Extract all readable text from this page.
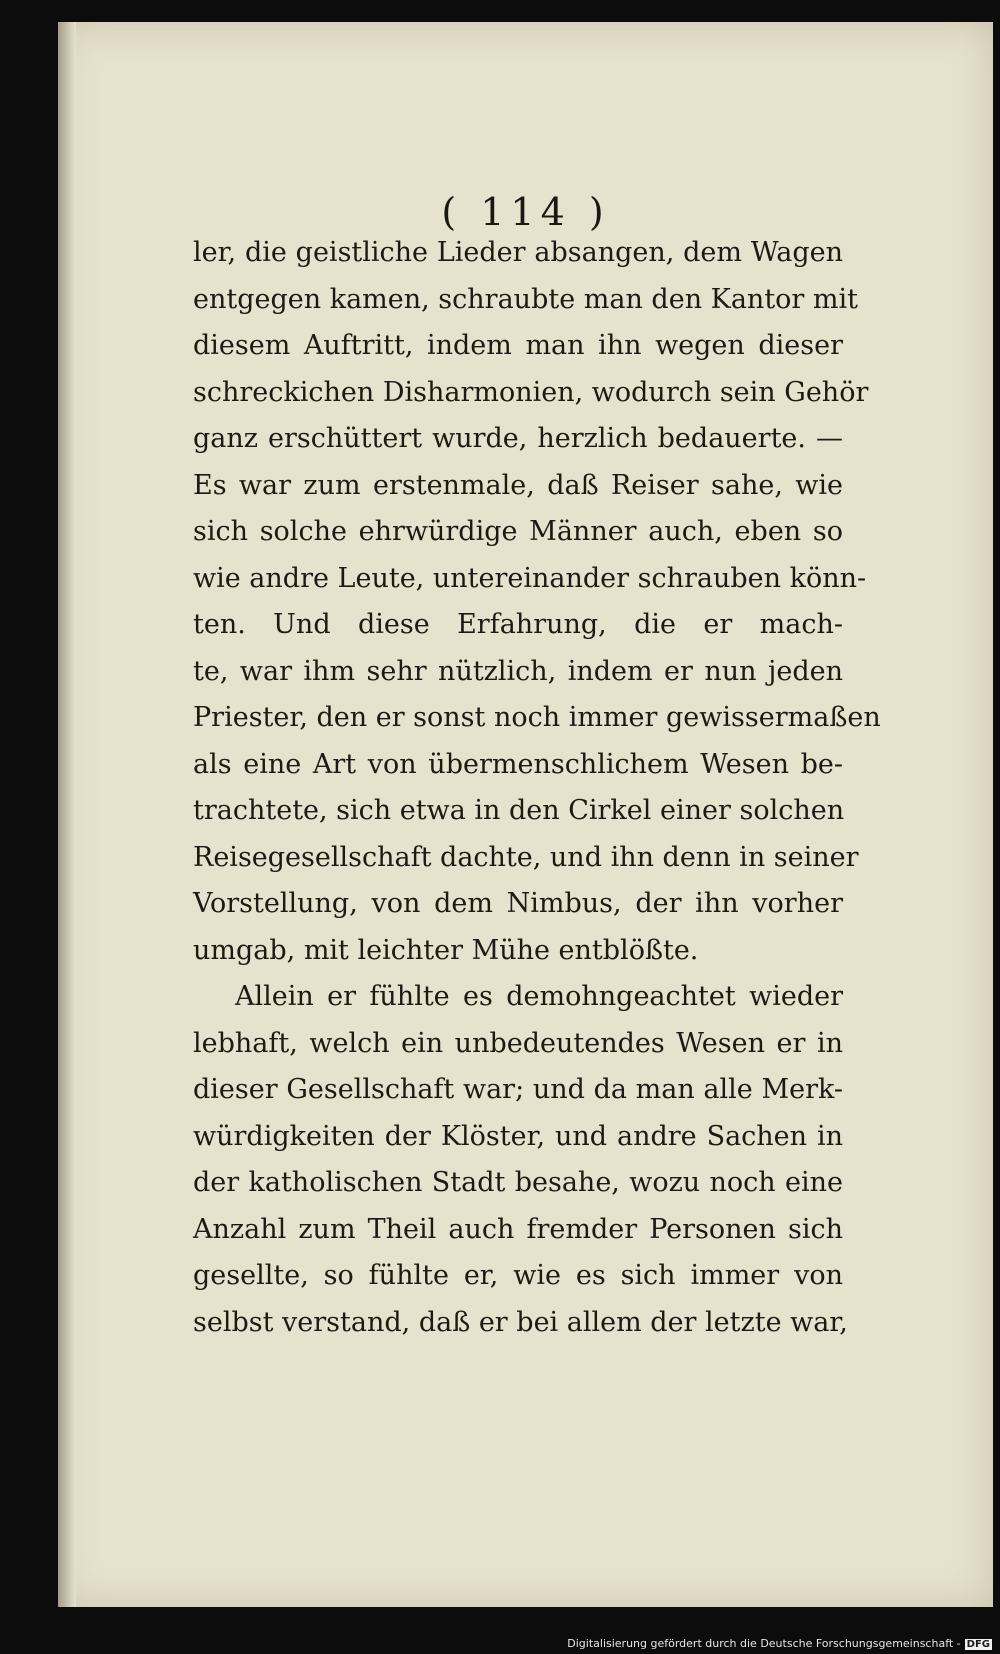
( 114 )
ler, die geistliche Lieder absangen, dem Wagen
entgegen kamen, schraubte man den Kantor mit
diesem Auftritt, indem man ihn wegen dieser
schreckichen Disharmonien, wodurch sein Gehör
ganz erschüttert wurde, herzlich bedauerte. —
Es war zum erstenmale, daß Reiser sahe, wie
sich solche ehrwürdige Männer auch, eben so
wie andre Leute, untereinander schrauben könn-
ten. Und diese Erfahrung, die er mach-
te, war ihm sehr nützlich, indem er nun jeden
Priester, den er sonst noch immer gewissermaßen
als eine Art von übermenschlichem Wesen be-
trachtete, sich etwa in den Cirkel einer solchen
Reisegesellschaft dachte, und ihn denn in seiner
Vorstellung, von dem Nimbus, der ihn vorher
umgab, mit leichter Mühe entblößte.
Allein er fühlte es demohngeachtet wieder
lebhaft, welch ein unbedeutendes Wesen er in
dieser Gesellschaft war; und da man alle Merk-
würdigkeiten der Klöster, und andre Sachen in
der katholischen Stadt besahe, wozu noch eine
Anzahl zum Theil auch fremder Personen sich
gesellte, so fühlte er, wie es sich immer von
selbst verstand, daß er bei allem der letzte war,
Digitalisierung gefördert durch die Deutsche Forschungsgemeinschaft - DFG
